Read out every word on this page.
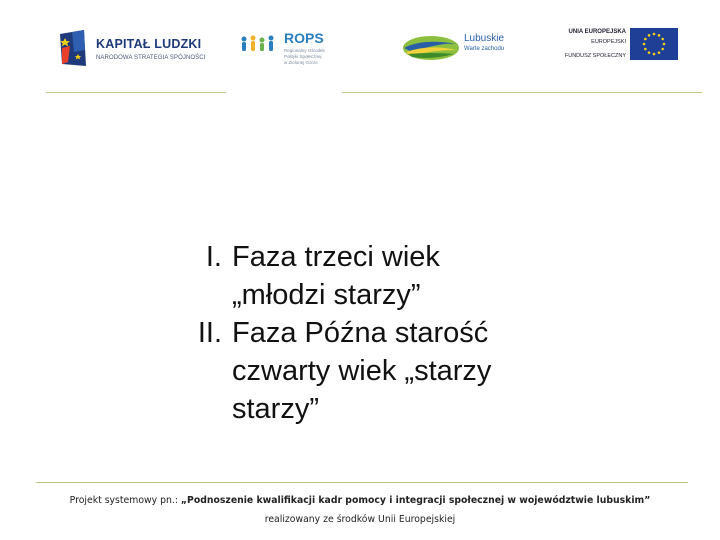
KAPITAŁ LUDZKI
NARODOWA STRATEGIA SPÓJNOŚCI
ROPS
Regionalny Ośrodek
Polityki Społecznej
w Zielonej Górze
Lubuskie
Warte zachodu
UNIA EUROPEJSKA
EUROPEJSKI
FUNDUSZ SPOŁECZNY
I. Faza trzeci wiek
„młodzi starzy”
II. Faza Późna starość
czwarty wiek „starzy
starzy”
Projekt systemowy pn.: „Podnoszenie kwalifikacji kadr pomocy i integracji społecznej w województwie lubuskim”
realizowany ze środków Unii Europejskiej
